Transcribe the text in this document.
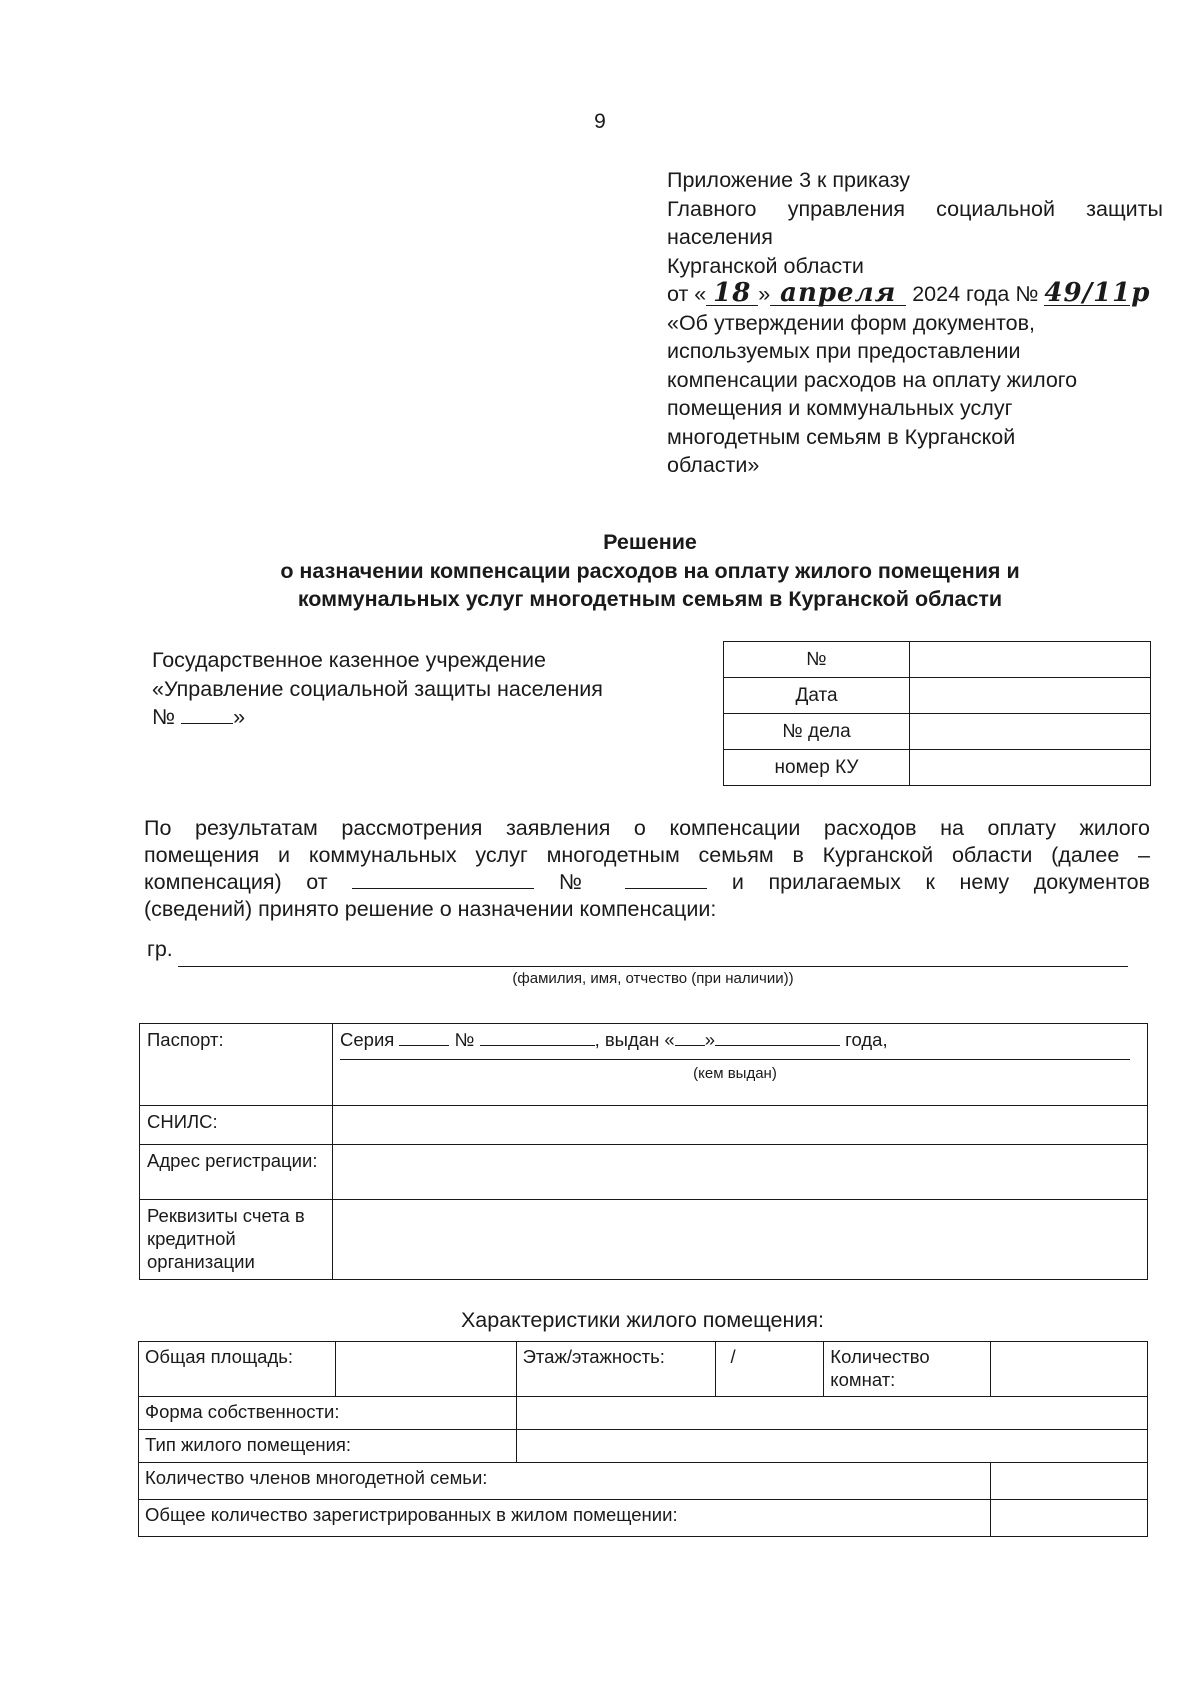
9
Приложение 3 к приказу
Главного управления социальной защиты
населения
Курганской области
от « 18 » апреля 2024 года № 49/11р
«Об утверждении форм документов,
используемых при предоставлении
компенсации расходов на оплату жилого
помещения и коммунальных услуг
многодетным семьям в Курганской
области»
Решение
о назначении компенсации расходов на оплату жилого помещения и
коммунальных услуг многодетным семьям в Курганской области
Государственное казенное учреждение
«Управление социальной защиты населения
№	»
№	
Дата	
№ дела	
номер КУ	
По результатам рассмотрения заявления о компенсации расходов на оплату жилого
помещения и коммунальных услуг многодетным семьям в Курганской области (далее –
компенсация) от	№	и прилагаемых к нему документов
(сведений) принято решение о назначении компенсации:
гр.
(фамилия, имя, отчество (при наличии))
Паспорт:	Серия № , выдан « » года,
(кем выдан)

СНИЛС:	
Адрес регистрации:	
Реквизиты счета в кредитной организации	
Характеристики жилого помещения:
Общая площадь:		Этаж/этажность:	/	Количество комнат:	
Форма собственности:					
Тип жилого помещения:					
Количество членов многодетной семьи:					
Общее количество зарегистрированных в жилом помещении:					
